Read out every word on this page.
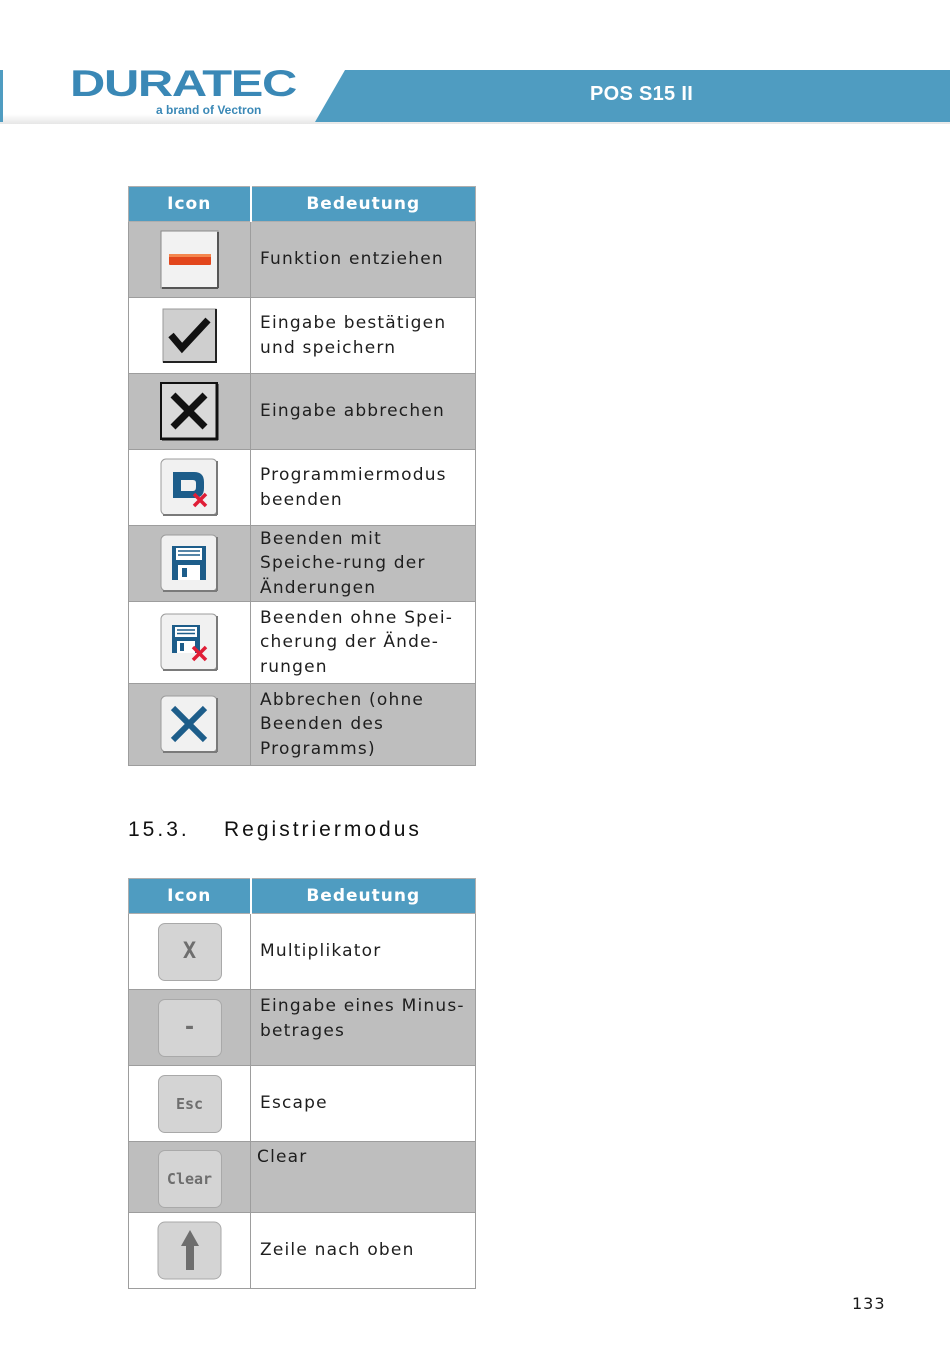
DURATEC
a brand of Vectron
POS S15 II
Icon	Bedeutung

	Funktion entziehen

	Eingabe bestätigen und speichern

	Eingabe abbrechen

	Programmiermodus beenden

	Beenden mit Speiche-rung der Änderungen

	Beenden ohne Spei-cherung der Ände-rungen

	Abbrechen (ohne Beenden des Programms)
15.3. Registriermodus
Icon	Bedeutung
X	Multiplikator
-	Eingabe eines Minus-betrages
Esc	Escape
Clear	Clear

	Zeile nach oben
133
